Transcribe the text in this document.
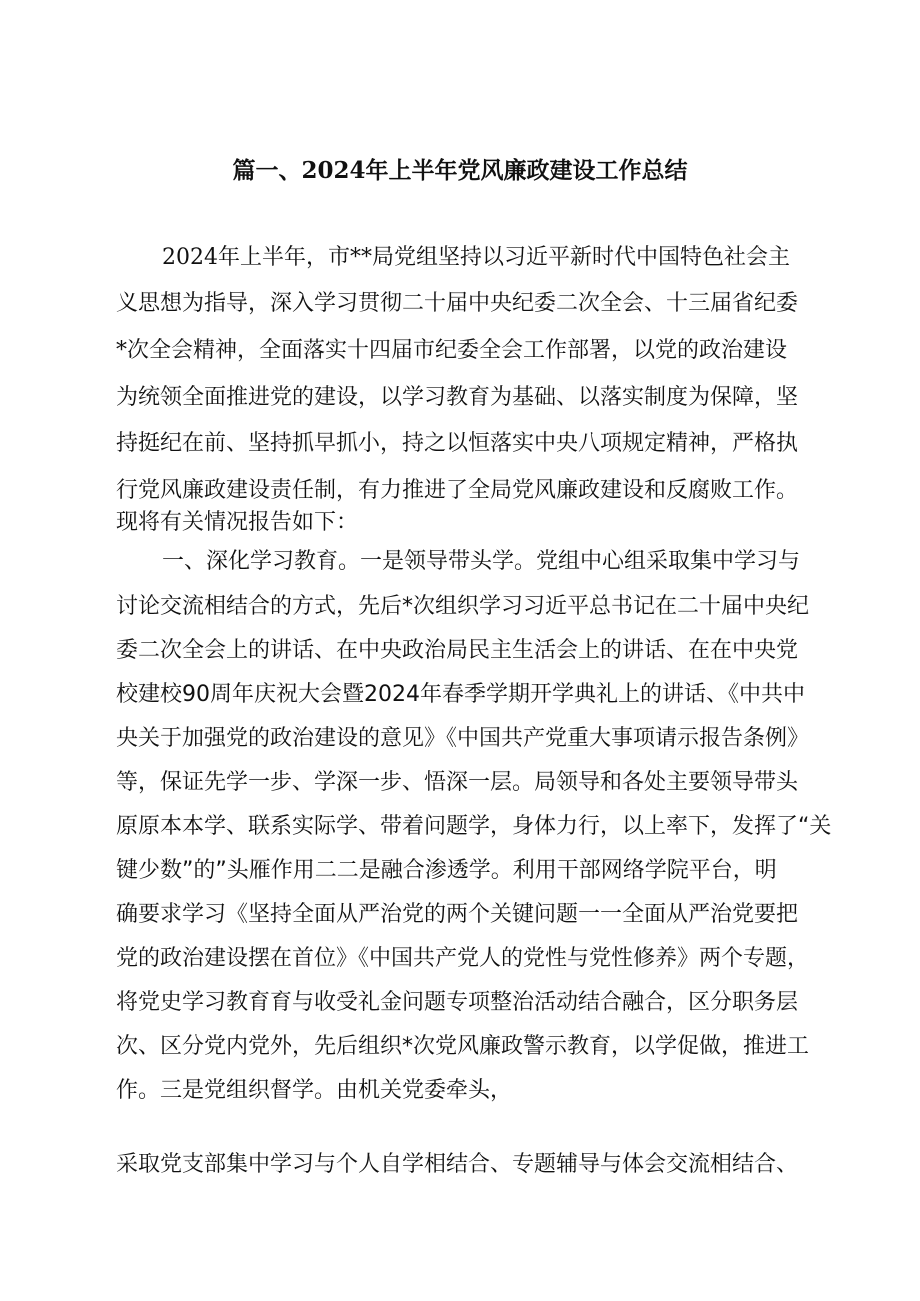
篇一、2024年上半年党风廉政建设工作总结

2024年上半年，市**局党组坚持以习近平新时代中国特色社会主

义思想为指导，深入学习贯彻二十届中央纪委二次全会、十三届省纪委

*次全会精神，全面落实十四届市纪委全会工作部署，以党的政治建设

为统领全面推进党的建设，以学习教育为基础、以落实制度为保障，坚

持挺纪在前、坚持抓早抓小，持之以恒落实中央八项规定精神，严格执

行党风廉政建设责任制，有力推进了全局党风廉政建设和反腐败工作。

现将有关情况报告如下：

一、深化学习教育。一是领导带头学。党组中心组采取集中学习与

讨论交流相结合的方式，先后*次组织学习习近平总书记在二十届中央纪

委二次全会上的讲话、在中央政治局民主生活会上的讲话、在在中央党

校建校90周年庆祝大会暨2024年春季学期开学典礼上的讲话、《中共中

央关于加强党的政治建设的意见》《中国共产党重大事项请示报告条例》

等，保证先学一步、学深一步、悟深一层。局领导和各处主要领导带头

原原本本学、联系实际学、带着问题学，身体力行，以上率下，发挥了“关

键少数”的”头雁作用二二是融合渗透学。利用干部网络学院平台，明

确要求学习《坚持全面从严治党的两个关键问题一一全面从严治党要把

党的政治建设摆在首位》《中国共产党人的党性与党性修养》两个专题，

将党史学习教育育与收受礼金问题专项整治活动结合融合，区分职务层

次、区分党内党外，先后组织*次党风廉政警示教育，以学促做，推进工

作。三是党组织督学。由机关党委牵头，

采取党支部集中学习与个人自学相结合、专题辅导与体会交流相结合、
